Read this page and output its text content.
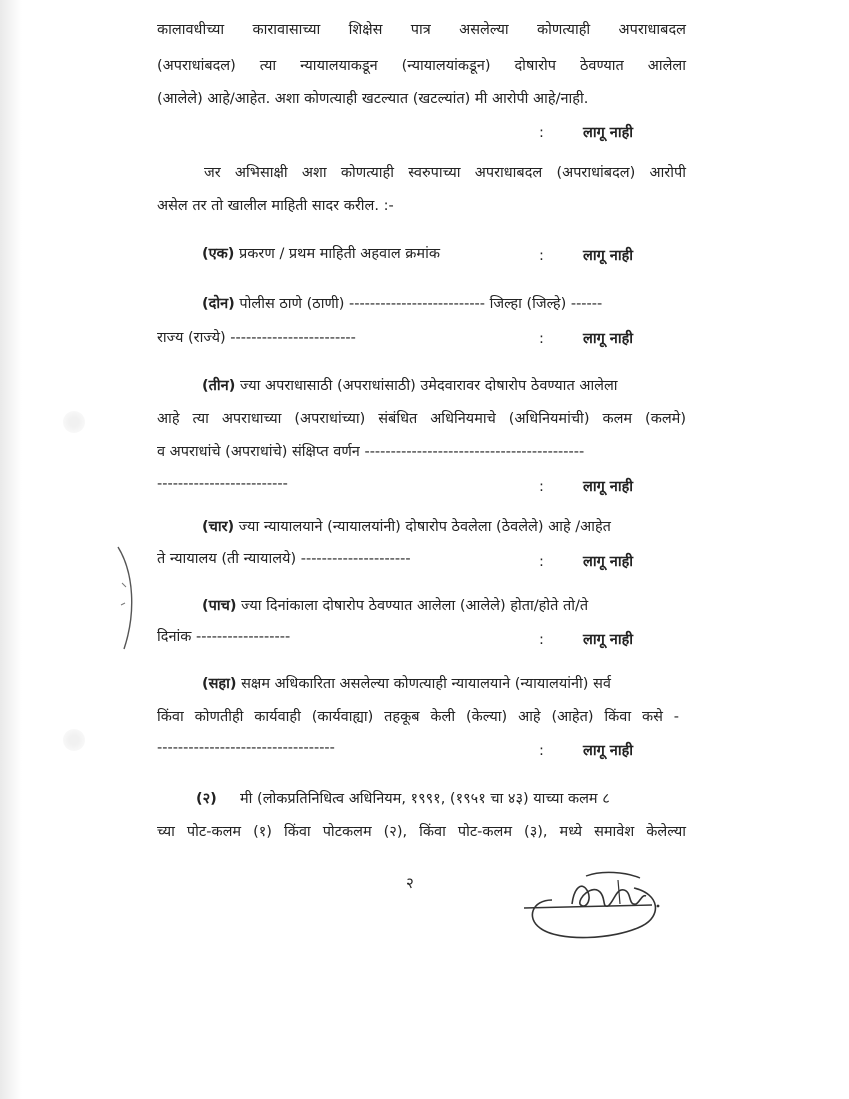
कालावधीच्या कारावासाच्या शिक्षेस पात्र असलेल्या कोणत्याही अपराधाबदल
(अपराधांबदल) त्या न्यायालयाकडून (न्यायालयांकडून) दोषारोप ठेवण्यात आलेला
(आलेले) आहे/आहेत. अशा कोणत्याही खटल्यात (खटल्यांत) मी आरोपी आहे/नाही.
:	लागू नाही
जर अभिसाक्षी अशा कोणत्याही स्वरुपाच्या अपराधाबदल (अपराधांबदल) आरोपी
असेल तर तो खालील माहिती सादर करील. :-
(एक) प्रकरण / प्रथम माहिती अहवाल क्रमांक	:	लागू नाही
(दोन) पोलीस ठाणे (ठाणी) -------------------------- जिल्हा (जिल्हे) ------
राज्य (राज्ये) ------------------------	:	लागू नाही
(तीन) ज्या अपराधासाठी (अपराधांसाठी) उमेदवारावर दोषारोप ठेवण्यात आलेला
आहे त्या अपराधाच्या (अपराधांच्या) संबंधित अधिनियमाचे (अधिनियमांची) कलम (कलमे)
व अपराधांचे (अपराधांचे) संक्षिप्त वर्णन ------------------------------------------
-------------------------	:	लागू नाही
(चार) ज्या न्यायालयाने (न्यायालयांनी) दोषारोप ठेवलेला (ठेवलेले) आहे /आहेत
ते न्यायालय (ती न्यायालये) ---------------------	:	लागू नाही
(पाच) ज्या दिनांकाला दोषारोप ठेवण्यात आलेला (आलेले) होता/होते तो/ते
दिनांक ------------------	:	लागू नाही
(सहा) सक्षम अधिकारिता असलेल्या कोणत्याही न्यायालयाने (न्यायालयांनी) सर्व
किंवा कोणतीही कार्यवाही (कार्यवाह्या) तहकूब केली (केल्या) आहे (आहेत) किंवा कसे -
----------------------------------	:	लागू नाही
(२) मी (लोकप्रतिनिधित्व अधिनियम, १९९१, (१९५१ चा ४३) याच्या कलम ८
च्या पोट-कलम (१) किंवा पोटकलम (२), किंवा पोट-कलम (३), मध्ये समावेश केलेल्या
२
